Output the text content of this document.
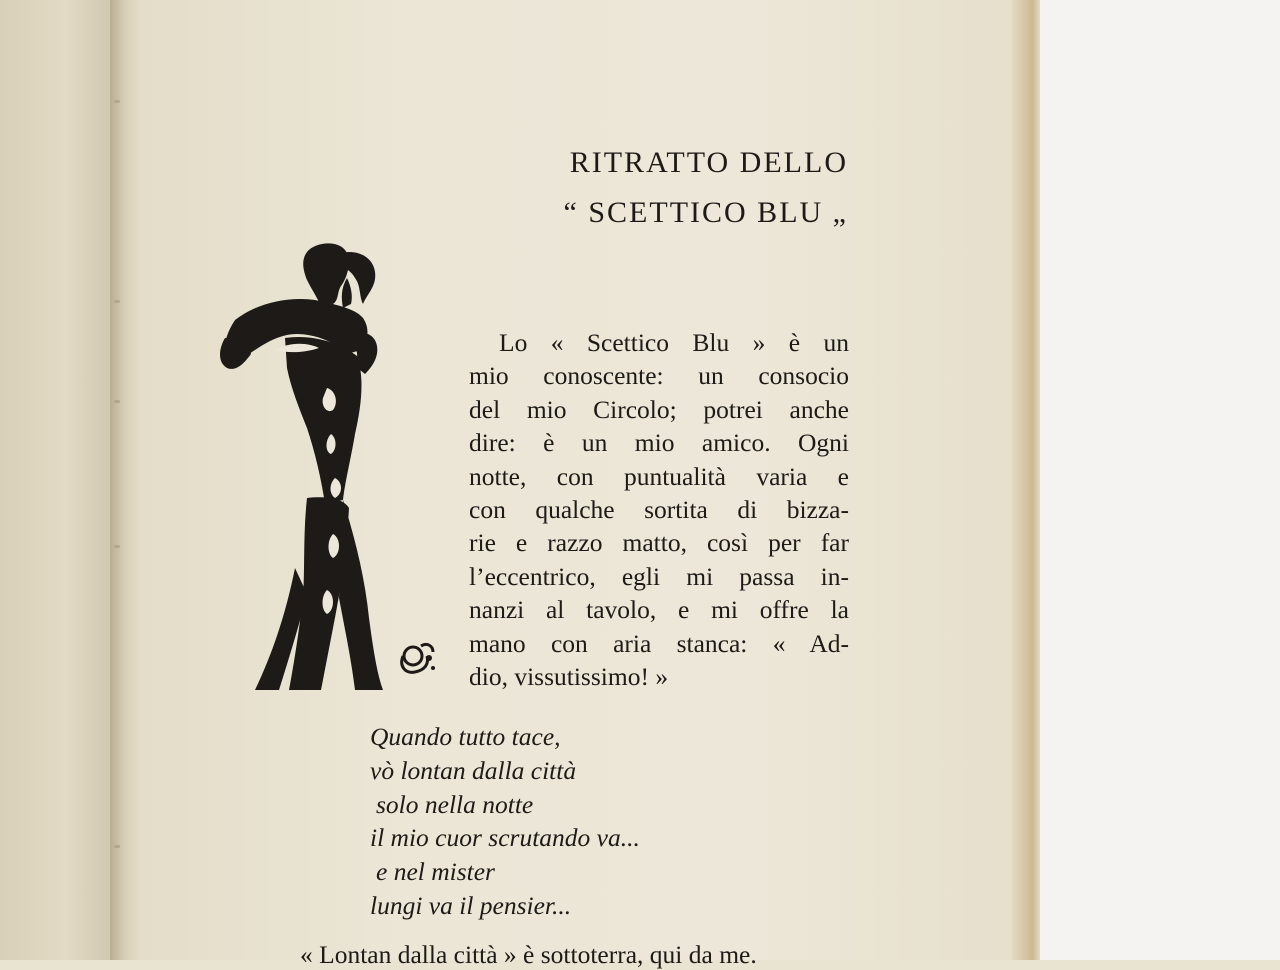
RITRATTO DELLO
“ SCETTICO BLU „
Lo « Scettico Blu » è un
mio conoscente: un consocio
del mio Circolo; potrei anche
dire: è un mio amico. Ogni
notte, con puntualità varia e
con qualche sortita di bizza-
rie e razzo matto, così per far
l’eccentrico, egli mi passa in-
nanzi al tavolo, e mi offre la
mano con aria stanca: « Ad-
dio, vissutissimo! »
Quando tutto tace,
vò lontan dalla città
solo nella notte
il mio cuor scrutando va...
e nel mister
lungi va il pensier...
« Lontan dalla città » è sottoterra, qui da me.
